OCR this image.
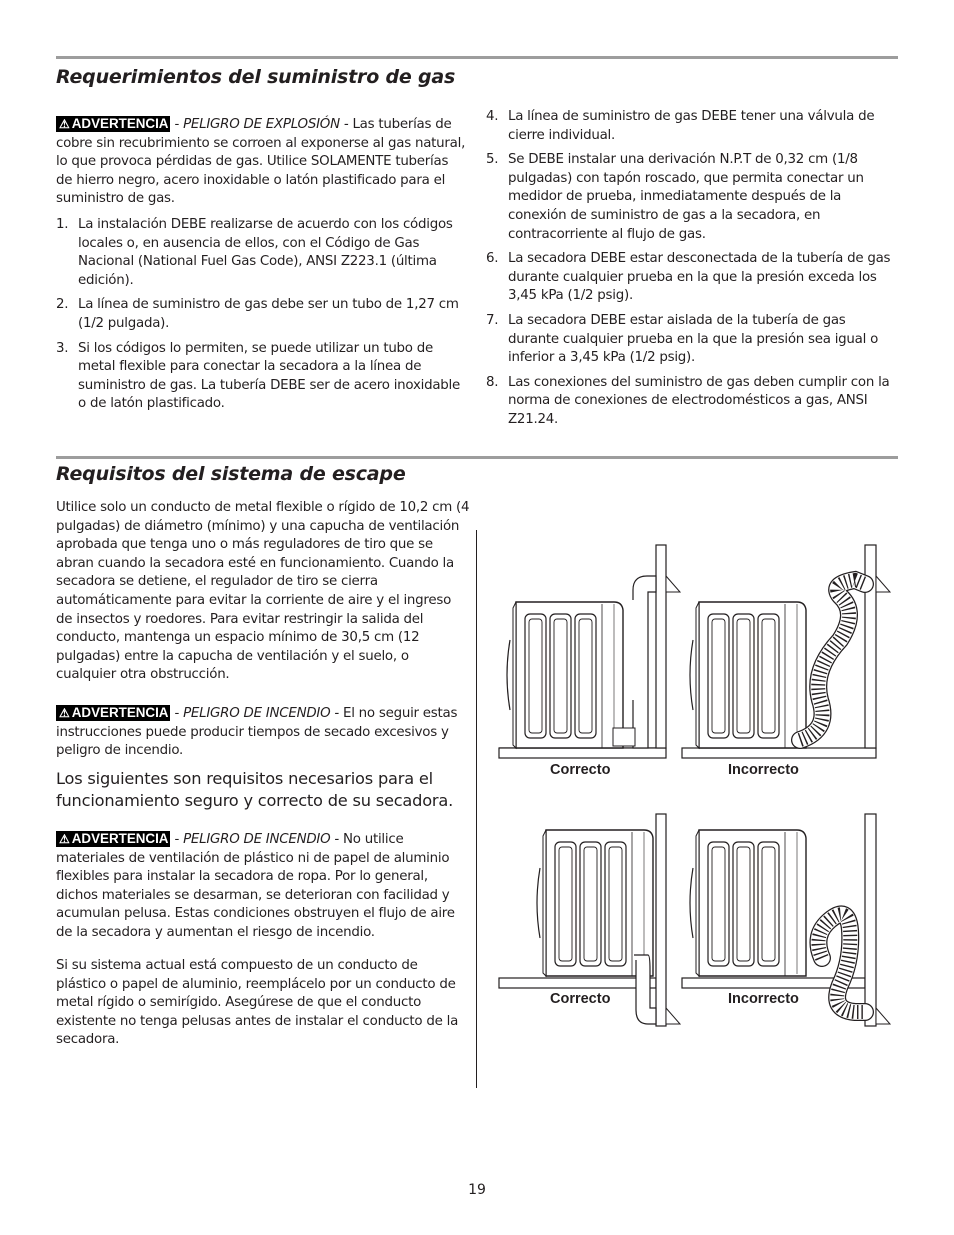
Requerimientos del suministro de gas
⚠ ADVERTENCIA - PELIGRO DE EXPLOSIÓN - Las tuberías de cobre sin recubrimiento se corroen al exponerse al gas natural, lo que provoca pérdidas de gas. Utilice SOLAMENTE tuberías de hierro negro, acero inoxidable o latón plastificado para el suministro de gas.
1. La instalación DEBE realizarse de acuerdo con los códigos locales o, en ausencia de ellos, con el Código de Gas Nacional (National Fuel Gas Code), ANSI Z223.1 (última edición).
2. La línea de suministro de gas debe ser un tubo de 1,27 cm (1/2 pulgada).
3. Si los códigos lo permiten, se puede utilizar un tubo de metal flexible para conectar la secadora a la línea de suministro de gas. La tubería DEBE ser de acero inoxidable o de latón plastificado.
4. La línea de suministro de gas DEBE tener una válvula de cierre individual.
5. Se DEBE instalar una derivación N.P.T de 0,32 cm (1/8 pulgadas) con tapón roscado, que permita conectar un medidor de prueba, inmediatamente después de la conexión de suministro de gas a la secadora, en contracorriente al flujo de gas.
6. La secadora DEBE estar desconectada de la tubería de gas durante cualquier prueba en la que la presión exceda los 3,45 kPa (1/2 psig).
7. La secadora DEBE estar aislada de la tubería de gas durante cualquier prueba en la que la presión sea igual o inferior a 3,45 kPa (1/2 psig).
8. Las conexiones del suministro de gas deben cumplir con la norma de conexiones de electrodomésticos a gas, ANSI Z21.24.
Requisitos del sistema de escape
Utilice solo un conducto de metal flexible o rígido de 10,2 cm (4 pulgadas) de diámetro (mínimo) y una capucha de ventilación aprobada que tenga uno o más reguladores de tiro que se abran cuando la secadora esté en funcionamiento. Cuando la secadora se detiene, el regulador de tiro se cierra automáticamente para evitar la corriente de aire y el ingreso de insectos y roedores. Para evitar restringir la salida del conducto, mantenga un espacio mínimo de 30,5 cm (12 pulgadas) entre la capucha de ventilación y el suelo, o cualquier otra obstrucción.
⚠ ADVERTENCIA - PELIGRO DE INCENDIO - El no seguir estas instrucciones puede producir tiempos de secado excesivos y peligro de incendio.
Los siguientes son requisitos necesarios para el funcionamiento seguro y correcto de su secadora.
⚠ ADVERTENCIA - PELIGRO DE INCENDIO - No utilice materiales de ventilación de plástico ni de papel de aluminio flexibles para instalar la secadora de ropa. Por lo general, dichos materiales se desarman, se deterioran con facilidad y acumulan pelusa. Estas condiciones obstruyen el flujo de aire de la secadora y aumentan el riesgo de incendio.
Si su sistema actual está compuesto de un conducto de plástico o papel de aluminio, reemplácelo por un conducto de metal rígido o semirígido. Asegúrese de que el conducto existente no tenga pelusas antes de instalar el conducto de la secadora.
Correcto	Incorrecto
Correcto	Incorrecto
19
